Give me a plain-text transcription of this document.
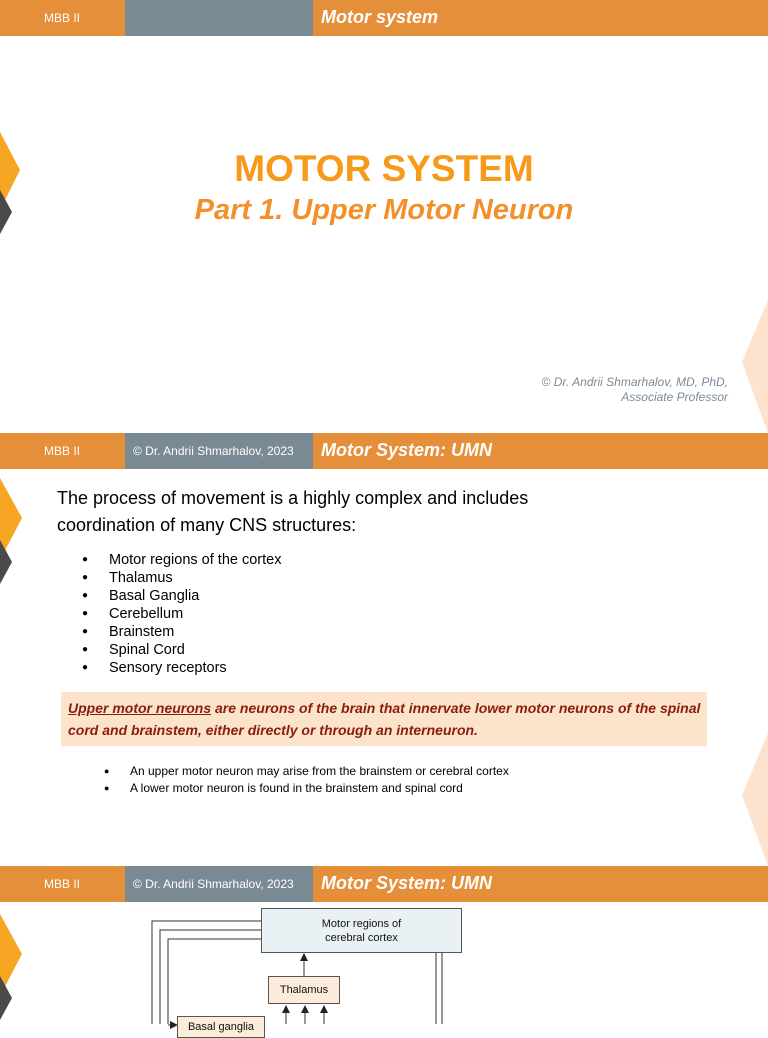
MBB II	Motor system
MOTOR SYSTEM
Part 1. Upper Motor Neuron
© Dr. Andrii Shmarhalov, MD, PhD,
Associate Professor
MBB II	© Dr. Andrii Shmarhalov, 2023 Motor System: UMN
The process of movement is a highly complex and includes coordination of many CNS structures:
● Motor regions of the cortex
● Thalamus
● Basal Ganglia
● Cerebellum
● Brainstem
● Spinal Cord
● Sensory receptors
Upper motor neurons are neurons of the brain that innervate lower motor neurons of the spinal cord and brainstem, either directly or through an interneuron.
● An upper motor neuron may arise from the brainstem or cerebral cortex
● A lower motor neuron is found in the brainstem and spinal cord
MBB II	© Dr. Andrii Shmarhalov, 2023 Motor System: UMN
Motor regions of
cerebral cortex
Thalamus
Basal ganglia
